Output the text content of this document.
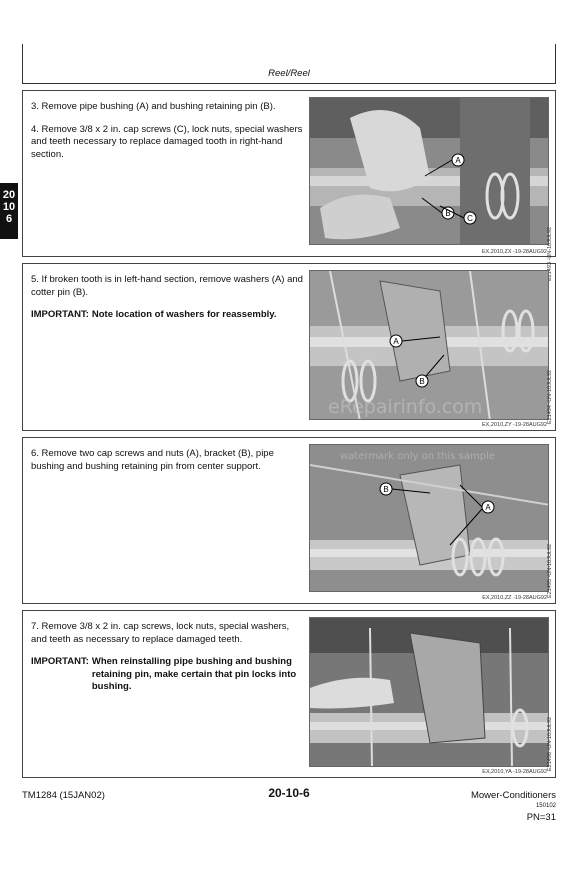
Reel/Reel
20
10
6

3. Remove pipe bushing (A) and bushing retaining pin (B).

4. Remove 3/8 x 2 in. cap screws (C), lock nuts, special washers and teeth necessary to replace damaged tooth in right-hand section.

A
B
C
E21493 -UN-10JUL92
EX,2010,ZX -19-28AUG92

5. If broken tooth is in left-hand section, remove washers (A) and cotter pin (B).

IMPORTANT: Note location of washers for reassembly.
A
B	E21494 -UN-10JUL92
EX,2010,ZY -19-28AUG92

6. Remove two cap screws and nuts (A), bracket (B), pipe bushing and bushing retaining pin from center support.

B
A
E21495 -UN-10JUL92
EX,2010,ZZ -19-28AUG92

7. Remove 3/8 x 2 in. cap screws, lock nuts, special washers, and teeth as necessary to replace damaged teeth.

IMPORTANT: When reinstalling pipe bushing and bushing retaining pin, make certain that pin locks into bushing.
E21496 -UN-10JUL92
EX,2010,YA -19-28AUG92
eRepairinfo.com
watermark only on this sample
TM1284 (15JAN02)	20-10-6	Mower-Conditioners
150102
PN=31
